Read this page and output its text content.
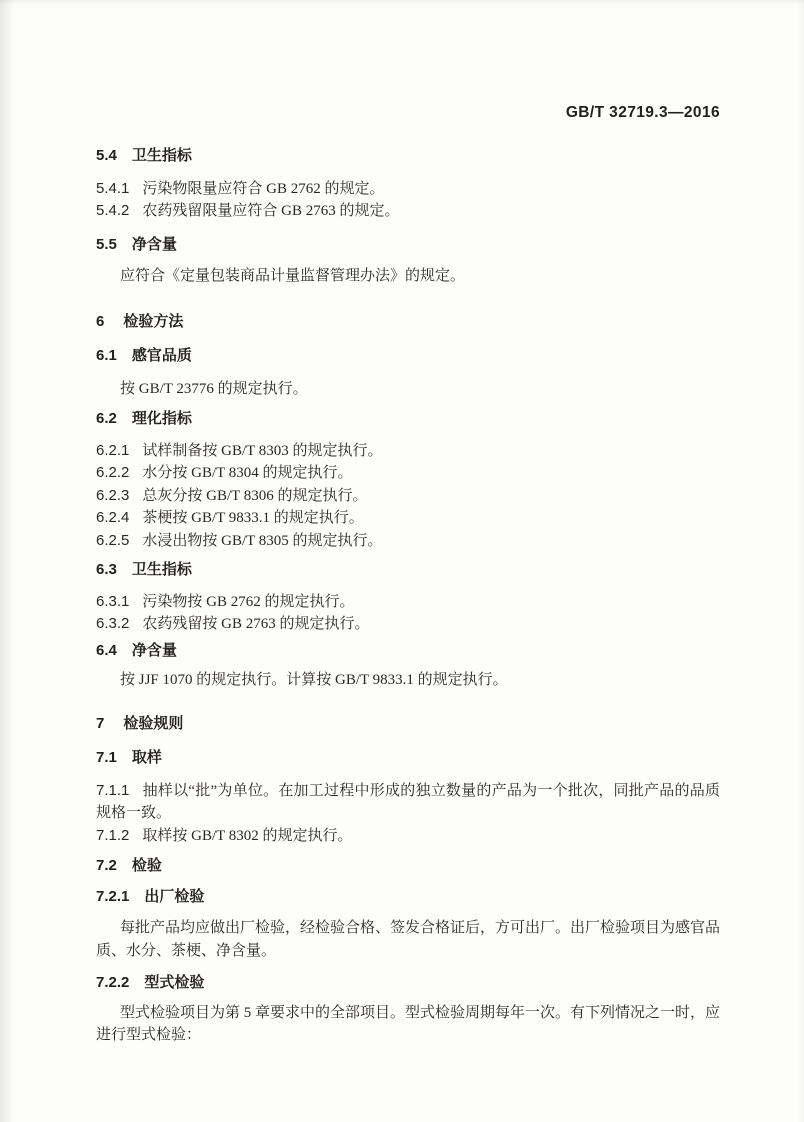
GB/T 32719.3—2016
5.4 卫生指标
5.4.1 污染物限量应符合 GB 2762 的规定。
5.4.2 农药残留限量应符合 GB 2763 的规定。
5.5 净含量
应符合《定量包装商品计量监督管理办法》的规定。
6 检验方法
6.1 感官品质
按 GB/T 23776 的规定执行。
6.2 理化指标
6.2.1 试样制备按 GB/T 8303 的规定执行。
6.2.2 水分按 GB/T 8304 的规定执行。
6.2.3 总灰分按 GB/T 8306 的规定执行。
6.2.4 茶梗按 GB/T 9833.1 的规定执行。
6.2.5 水浸出物按 GB/T 8305 的规定执行。
6.3 卫生指标
6.3.1 污染物按 GB 2762 的规定执行。
6.3.2 农药残留按 GB 2763 的规定执行。
6.4 净含量
按 JJF 1070 的规定执行。计算按 GB/T 9833.1 的规定执行。
7 检验规则
7.1 取样
7.1.1 抽样以“批”为单位。在加工过程中形成的独立数量的产品为一个批次，同批产品的品质规格一致。
7.1.2 取样按 GB/T 8302 的规定执行。
7.2 检验
7.2.1 出厂检验
每批产品均应做出厂检验，经检验合格、签发合格证后，方可出厂。出厂检验项目为感官品质、水分、茶梗、净含量。
7.2.2 型式检验
型式检验项目为第 5 章要求中的全部项目。型式检验周期每年一次。有下列情况之一时，应进行型式检验：
